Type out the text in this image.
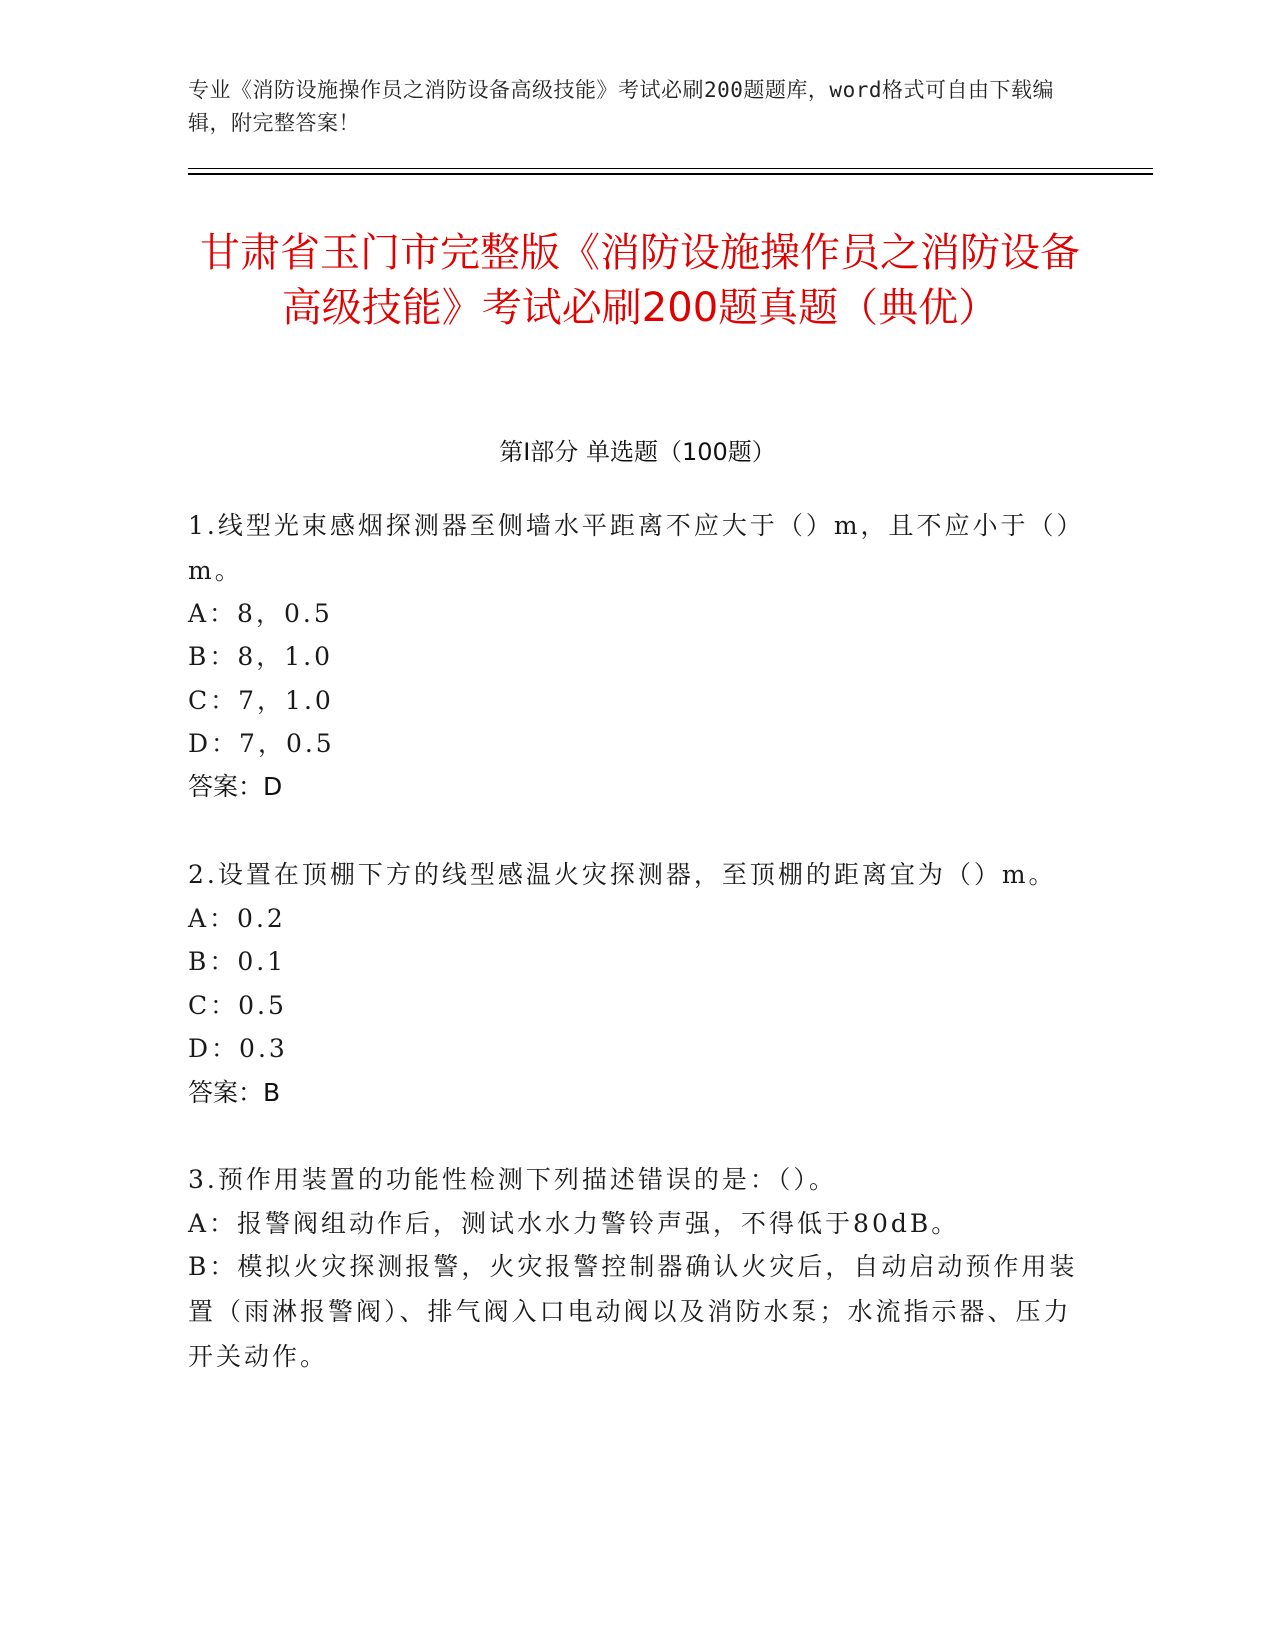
专业《消防设施操作员之消防设备高级技能》考试必刷200题题库，word格式可自由下载编辑，附完整答案！
甘肃省玉门市完整版《消防设施操作员之消防设备高级技能》考试必刷200题真题（典优）
第Ⅰ部分 单选题（100题）
1.线型光束感烟探测器至侧墙水平距离不应大于（）m，且不应小于（）m。
A：8，0.5
B：8，1.0
C：7，1.0
D：7，0.5
答案：D
2.设置在顶棚下方的线型感温火灾探测器，至顶棚的距离宜为（）m。
A：0.2
B：0.1
C：0.5
D：0.3
答案：B
3.预作用装置的功能性检测下列描述错误的是：（）。
A：报警阀组动作后，测试水水力警铃声强，不得低于80dB。
B：模拟火灾探测报警，火灾报警控制器确认火灾后，自动启动预作用装置（雨淋报警阀）、排气阀入口电动阀以及消防水泵；水流指示器、压力开关动作。
